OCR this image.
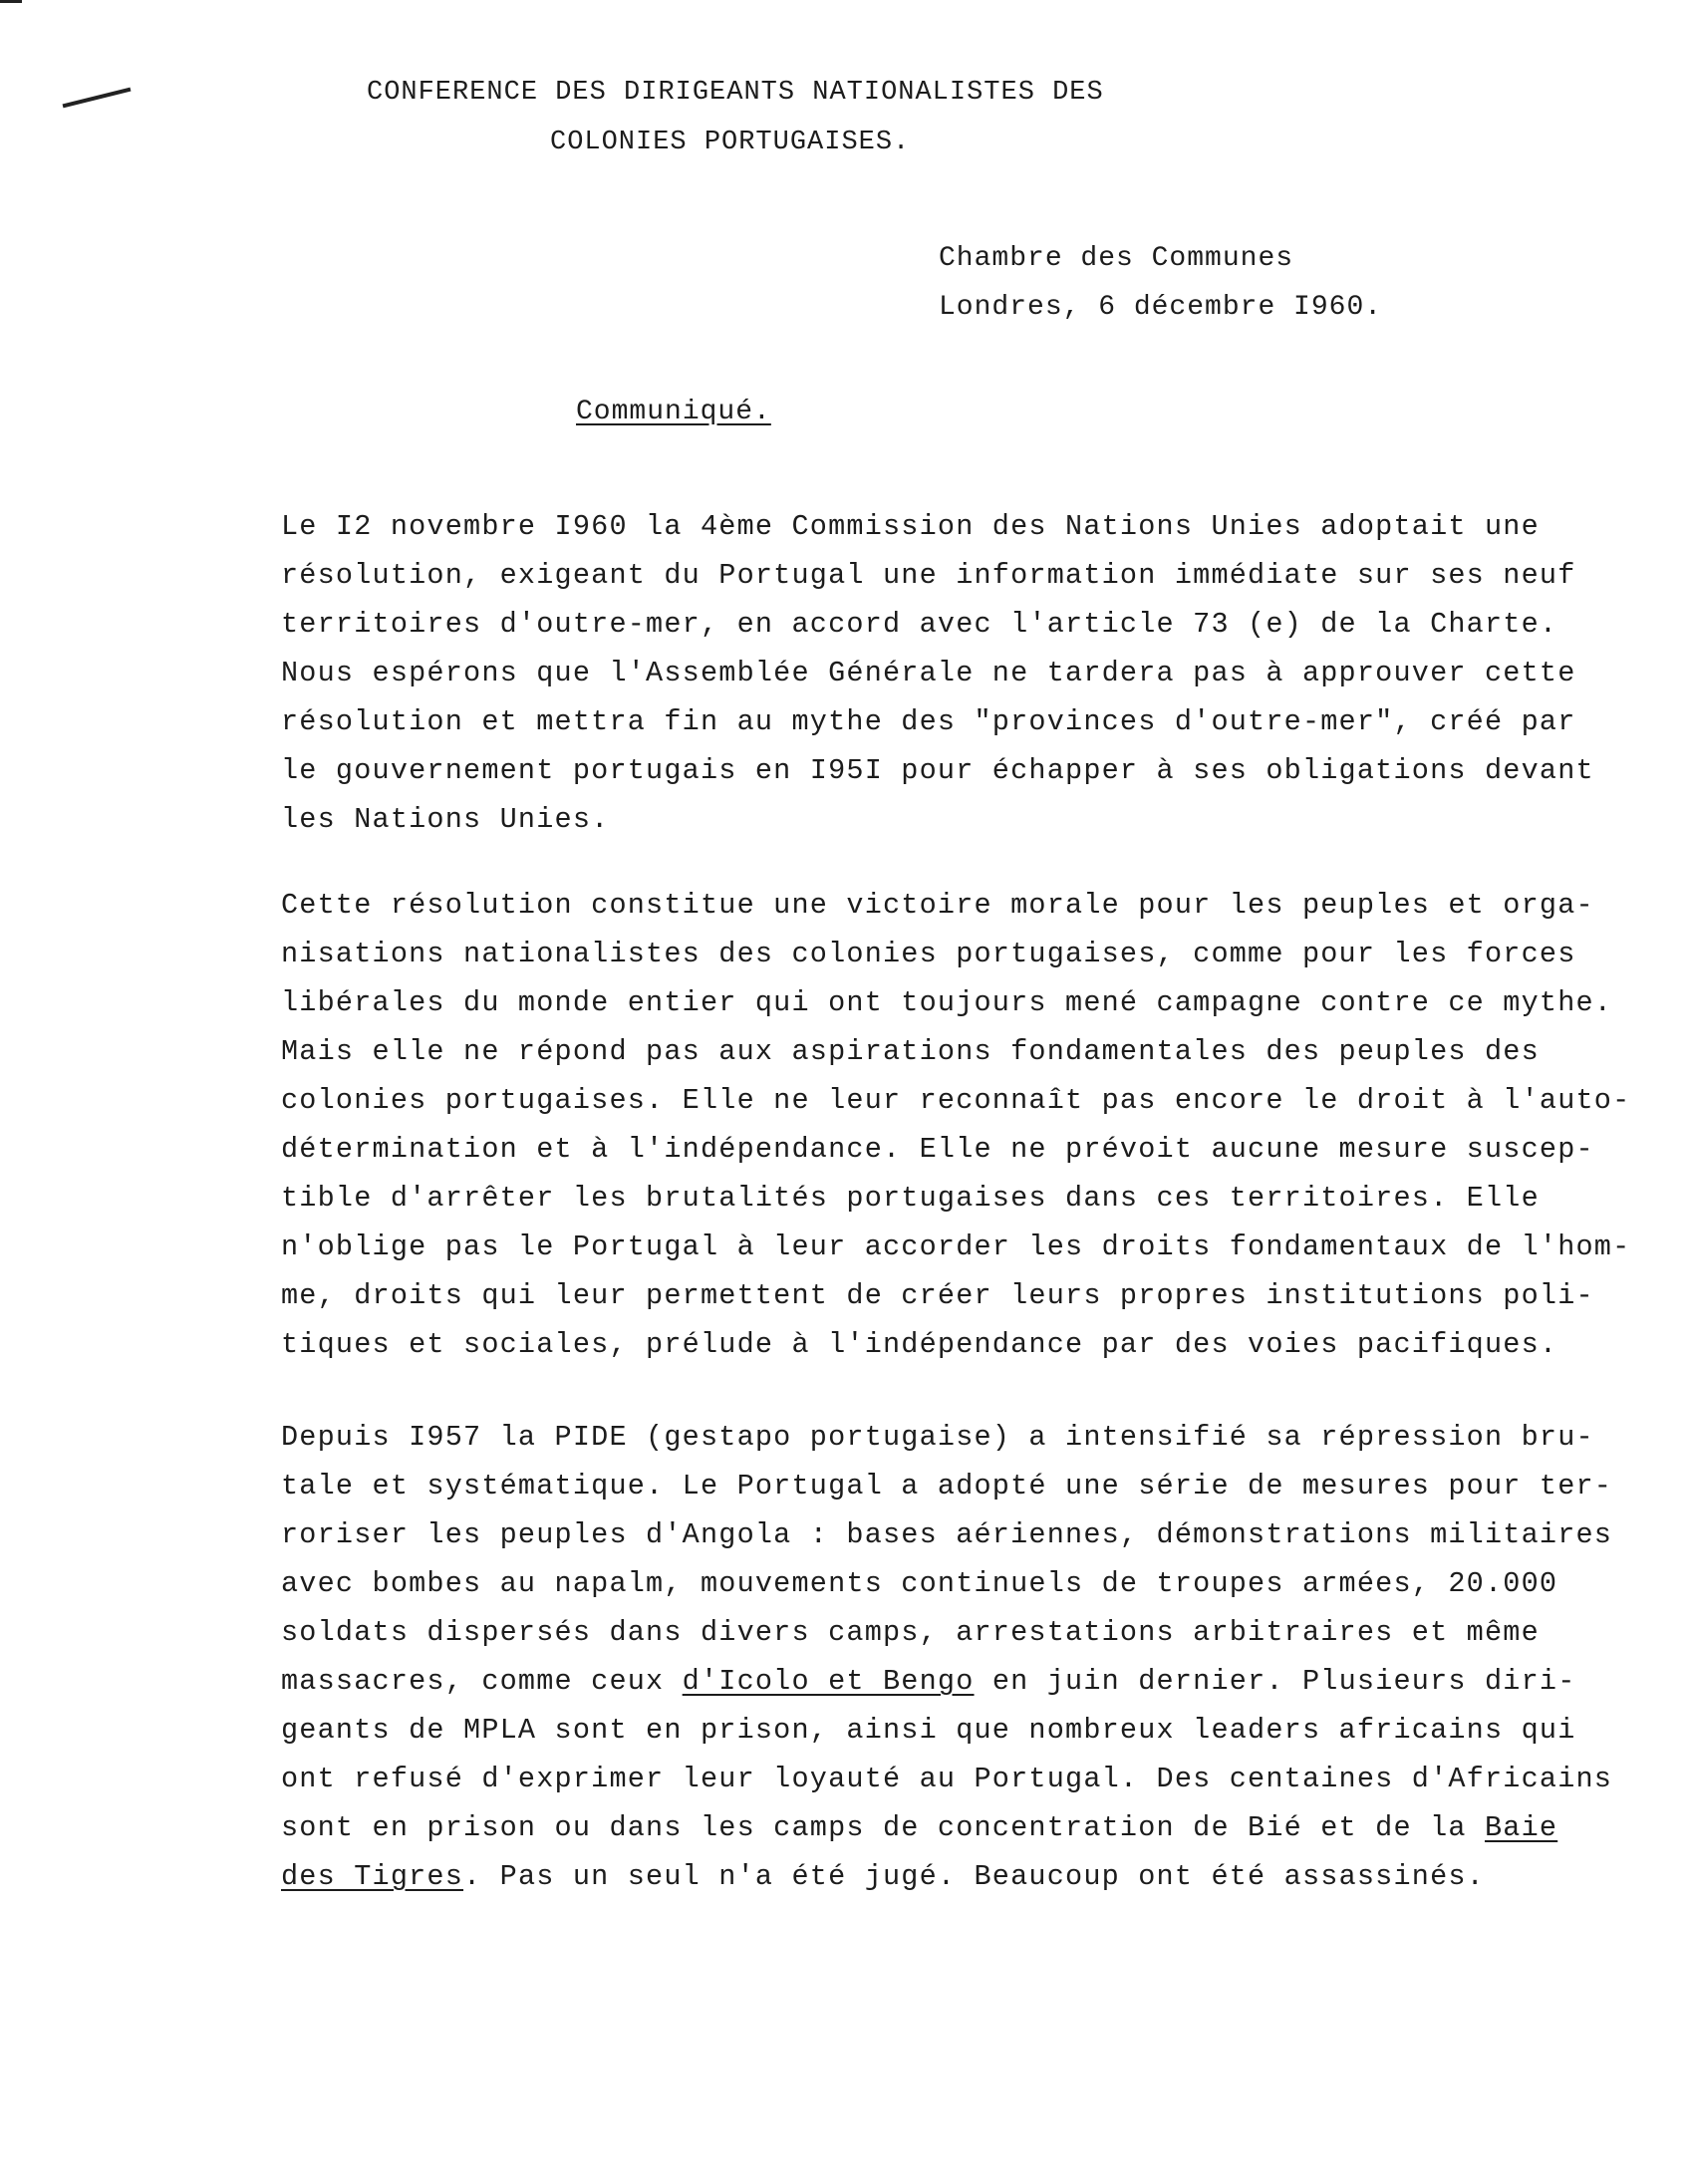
CONFERENCE DES DIRIGEANTS NATIONALISTES DES
COLONIES PORTUGAISES.
Chambre des Communes
Londres, 6 décembre I960.
Communiqué.
Le I2 novembre I960 la 4ème Commission des Nations Unies adoptait une
résolution, exigeant du Portugal une information immédiate sur ses neuf
territoires d'outre-mer, en accord avec l'article 73 (e) de la Charte.
Nous espérons que l'Assemblée Générale ne tardera pas à approuver cette
résolution et mettra fin au mythe des "provinces d'outre-mer", créé par
le gouvernement portugais en I95I pour échapper à ses obligations devant
les Nations Unies.
Cette résolution constitue une victoire morale pour les peuples et orga-
nisations nationalistes des colonies portugaises, comme pour les forces
libérales du monde entier qui ont toujours mené campagne contre ce mythe.
Mais elle ne répond pas aux aspirations fondamentales des peuples des
colonies portugaises. Elle ne leur reconnaît pas encore le droit à l'auto-
détermination et à l'indépendance. Elle ne prévoit aucune mesure suscep-
tible d'arrêter les brutalités portugaises dans ces territoires. Elle
n'oblige pas le Portugal à leur accorder les droits fondamentaux de l'hom-
me, droits qui leur permettent de créer leurs propres institutions poli-
tiques et sociales, prélude à l'indépendance par des voies pacifiques.
Depuis I957 la PIDE (gestapo portugaise) a intensifié sa répression bru-
tale et systématique. Le Portugal a adopté une série de mesures pour ter-
roriser les peuples d'Angola : bases aériennes, démonstrations militaires
avec bombes au napalm, mouvements continuels de troupes armées, 20.000
soldats dispersés dans divers camps, arrestations arbitraires et même
massacres, comme ceux d'Icolo et Bengo en juin dernier. Plusieurs diri-
geants de MPLA sont en prison, ainsi que nombreux leaders africains qui
ont refusé d'exprimer leur loyauté au Portugal. Des centaines d'Africains
sont en prison ou dans les camps de concentration de Bié et de la Baie
des Tigres. Pas un seul n'a été jugé. Beaucoup ont été assassinés.
